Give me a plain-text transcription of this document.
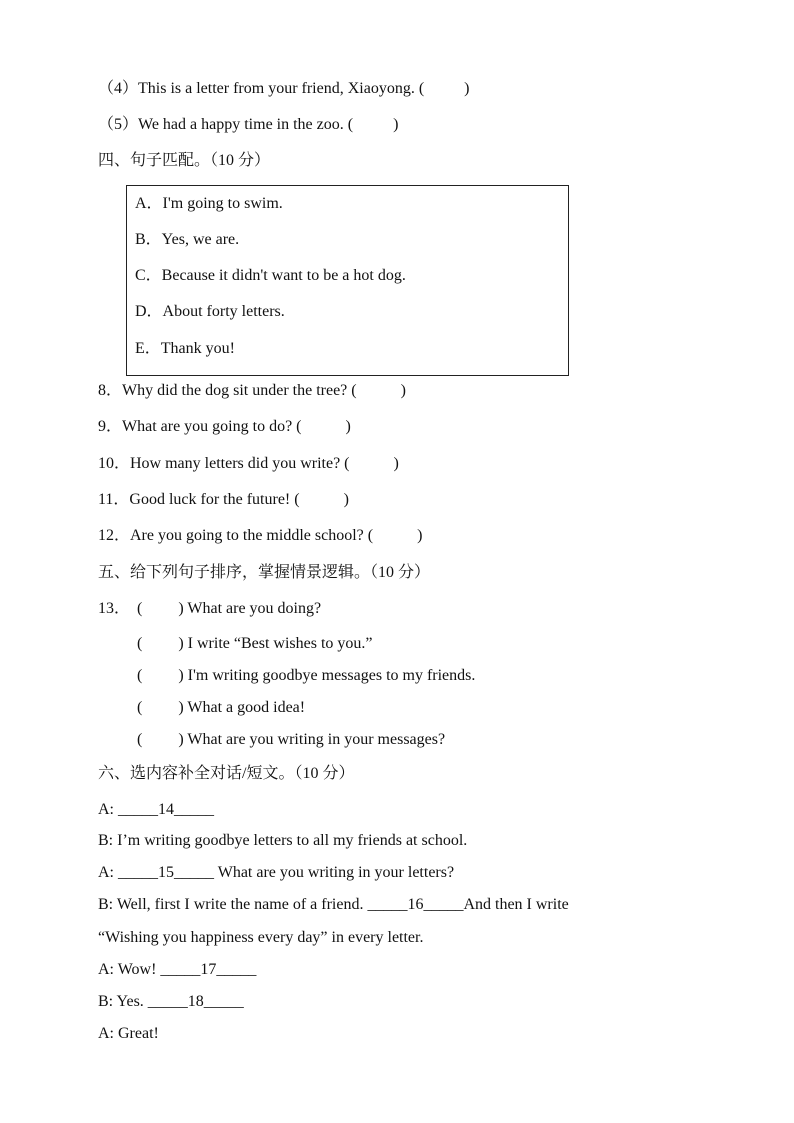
（4）This is a letter from your friend, Xiaoyong. (          )
（5）We had a happy time in the zoo. (          )
四、句子匹配。（10 分）
A．I'm going to swim.
B．Yes, we are.
C．Because it didn't want to be a hot dog.
D．About forty letters.
E．Thank you!
8．Why did the dog sit under the tree? (           )
9．What are you going to do? (           )
10．How many letters did you write? (           )
11．Good luck for the future! (           )
12．Are you going to the middle school? (           )
五、给下列句子排序，掌握情景逻辑。（10 分）
13． (         ) What are you doing?
(         ) I write “Best wishes to you.”
(         ) I'm writing goodbye messages to my friends.
(         ) What a good idea!
(         ) What are you writing in your messages?
六、选内容补全对话/短文。（10 分）
A: _____14_____
B: I’m writing goodbye letters to all my friends at school.
A: _____15_____ What are you writing in your letters?
B: Well, first I write the name of a friend. _____16_____And then I write
“Wishing you happiness every day” in every letter.
A: Wow! _____17_____
B: Yes. _____18_____
A: Great!
